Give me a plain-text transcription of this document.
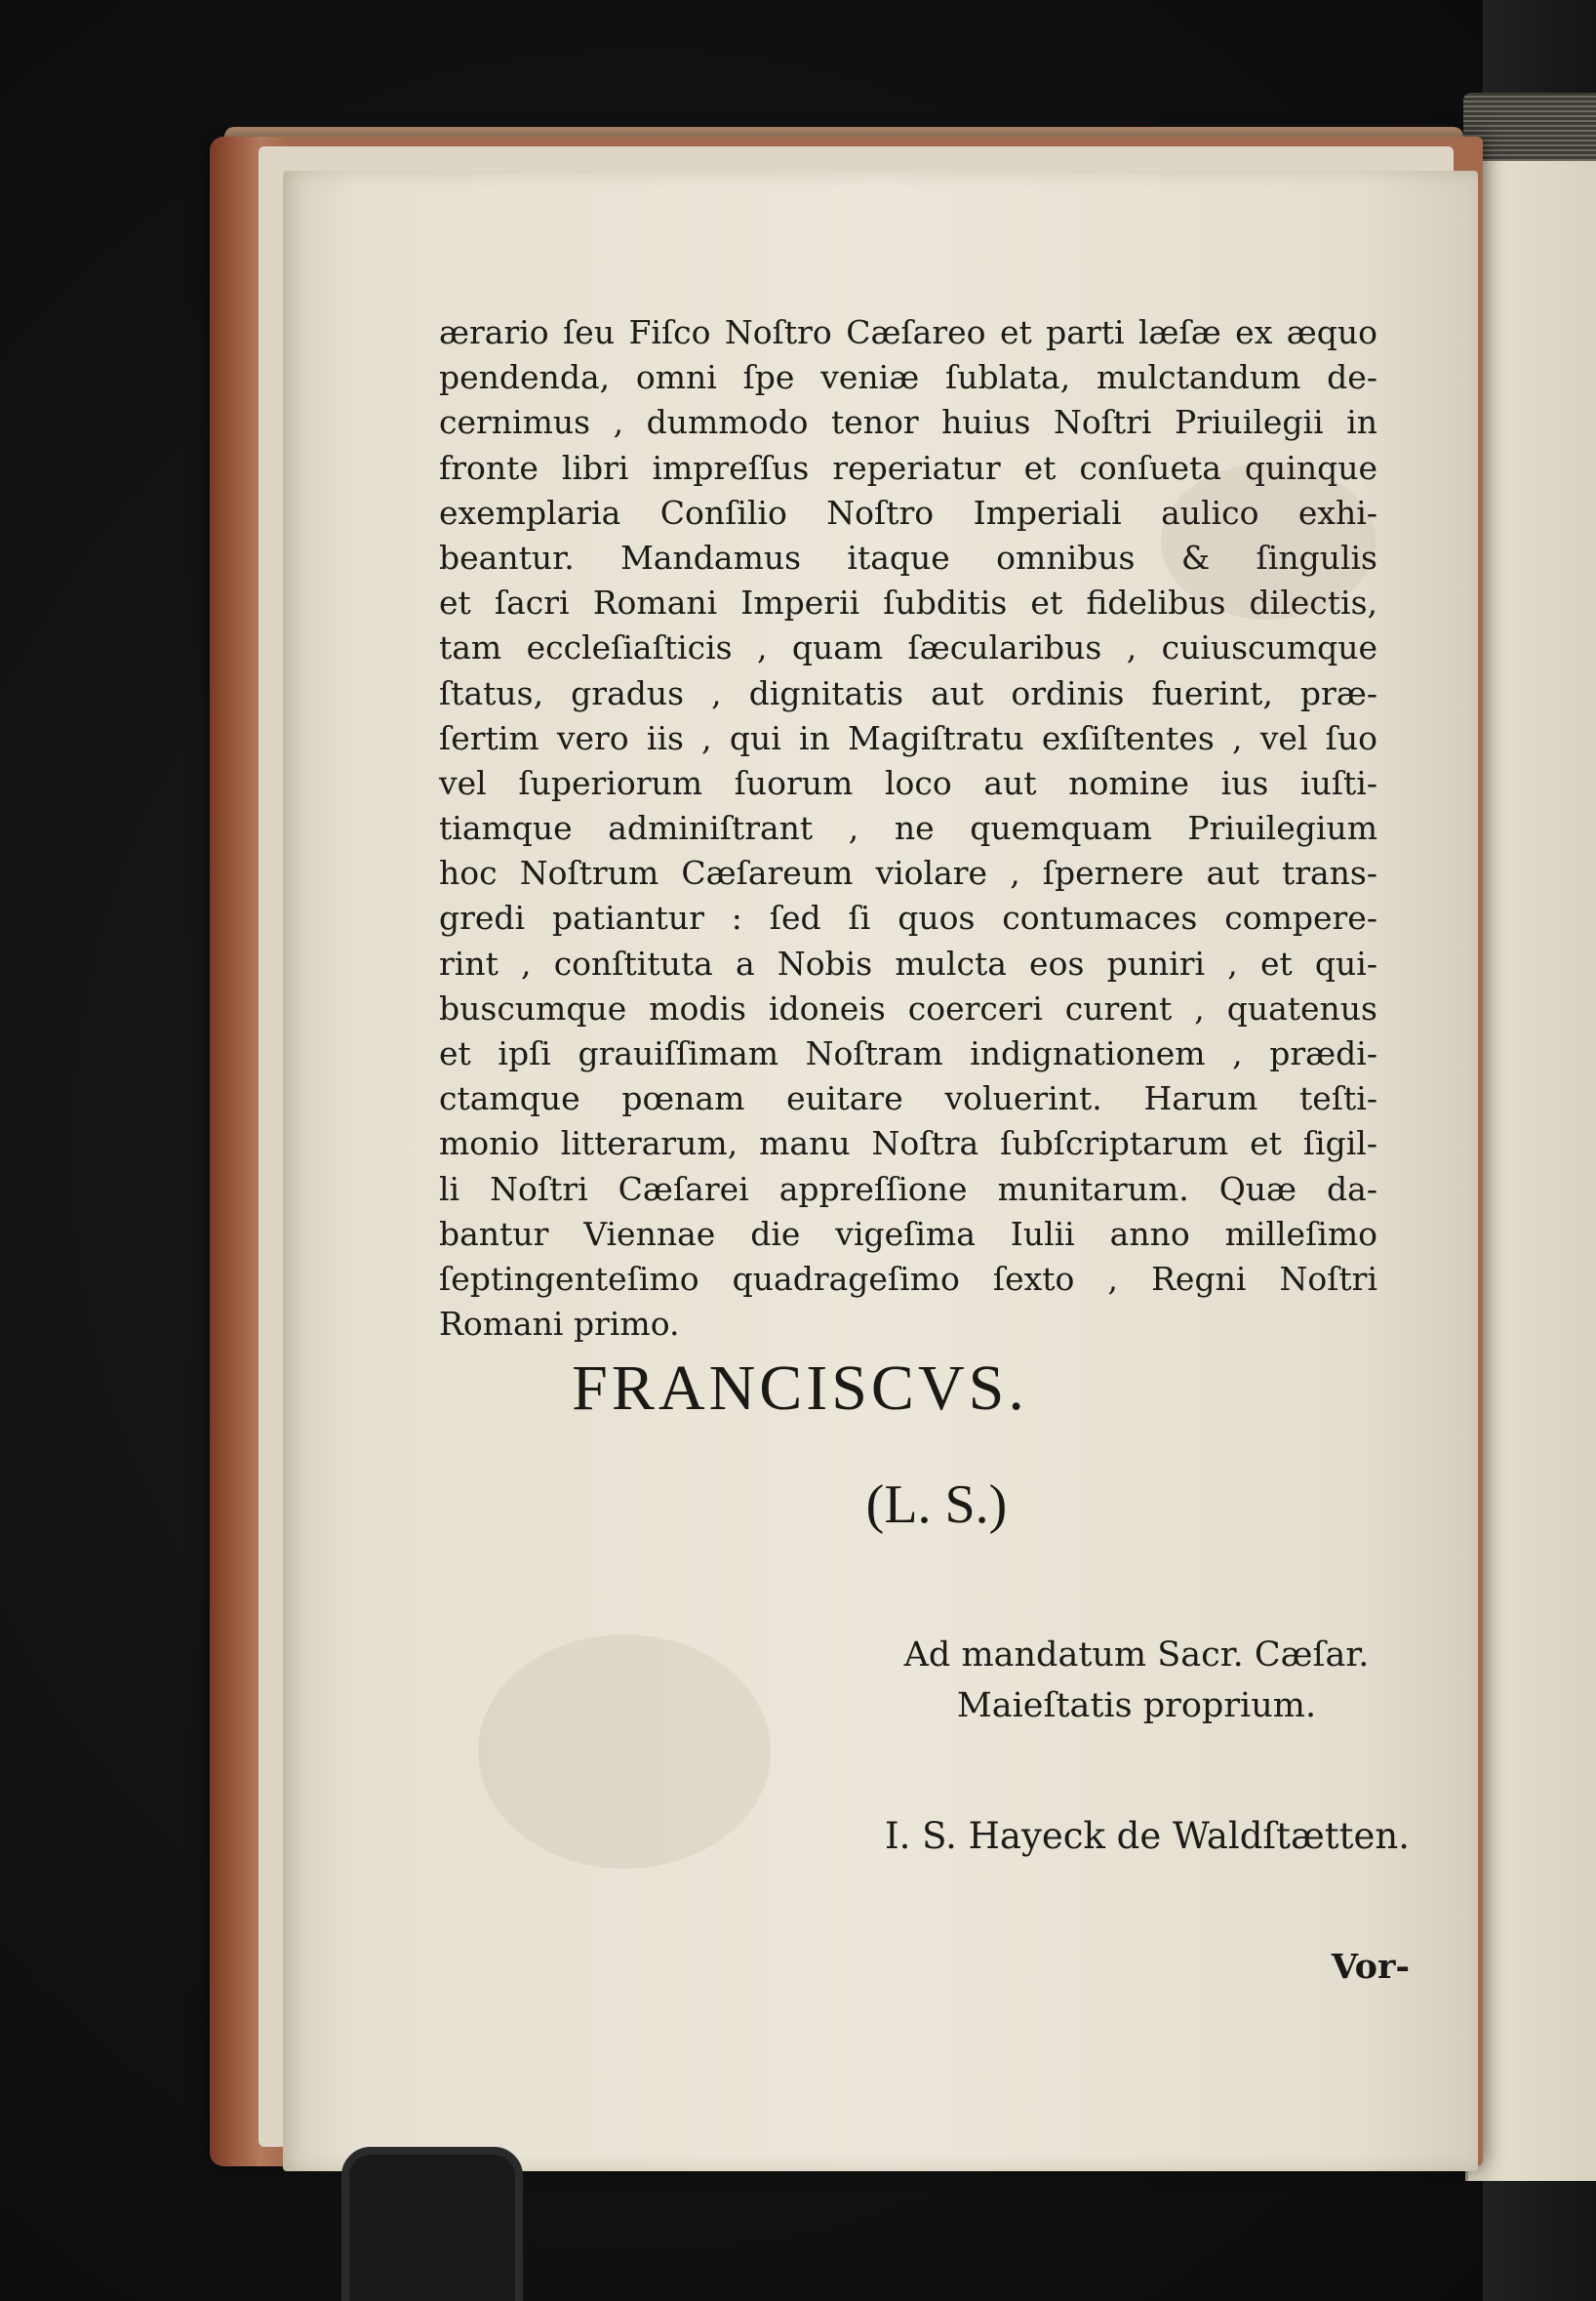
ærario ſeu Fiſco Noſtro Cæſareo et parti læſæ ex æquo
pendenda, omni ſpe veniæ ſublata, mulctandum de-
cernimus , dummodo tenor huius Noſtri Priuilegii in
fronte libri impreſſus reperiatur et conſueta quinque
exemplaria Conſilio Noſtro Imperiali aulico exhi-
beantur. Mandamus itaque omnibus & ſingulis
et ſacri Romani Imperii ſubditis et fidelibus dilectis,
tam eccleſiaſticis , quam ſæcularibus , cuiuscumque
ſtatus, gradus , dignitatis aut ordinis fuerint, præ-
ſertim vero iis , qui in Magiſtratu exſiſtentes , vel ſuo
vel ſuperiorum ſuorum loco aut nomine ius iuſti-
tiamque adminiſtrant , ne quemquam Priuilegium
hoc Noſtrum Cæſareum violare , ſpernere aut trans-
gredi patiantur : ſed ſi quos contumaces compere-
rint , conſtituta a Nobis mulcta eos puniri , et qui-
buscumque modis idoneis coerceri curent , quatenus
et ipſi grauiſſimam Noſtram indignationem , prædi-
ctamque pœnam euitare voluerint. Harum teſti-
monio litterarum, manu Noſtra ſubſcriptarum et ſigil-
li Noſtri Cæſarei appreſſione munitarum. Quæ da-
bantur Viennae die vigeſima Iulii anno milleſimo
ſeptingenteſimo quadrageſimo ſexto , Regni Noſtri
Romani primo.
FRANCISCVS.
(L. S.)
Ad mandatum Sacr. Cæſar.
Maieſtatis proprium.
I. S. Hayeck de Waldſtætten.
Vor-
